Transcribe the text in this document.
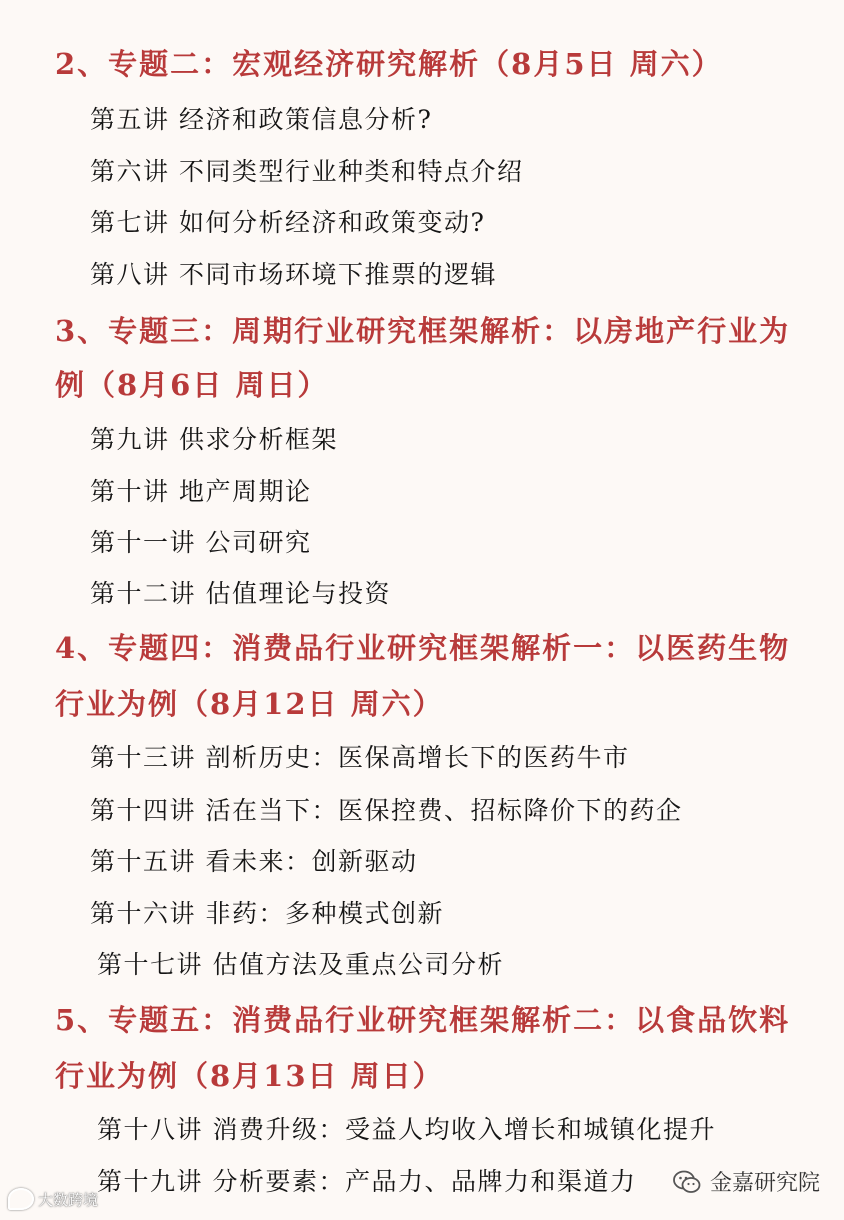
2、专题二：宏观经济研究解析（8月5日 周六）
第五讲 经济和政策信息分析?
第六讲 不同类型行业种类和特点介绍
第七讲 如何分析经济和政策变动?
第八讲 不同市场环境下推票的逻辑
3、专题三：周期行业研究框架解析：以房地产行业为
例（8月6日 周日）
第九讲 供求分析框架
第十讲 地产周期论
第十一讲 公司研究
第十二讲 估值理论与投资
4、专题四：消费品行业研究框架解析一：以医药生物
行业为例（8月12日 周六）
第十三讲 剖析历史：医保高增长下的医药牛市
第十四讲 活在当下：医保控费、招标降价下的药企
第十五讲 看未来：创新驱动
第十六讲 非药：多种模式创新
第十七讲 估值方法及重点公司分析
5、专题五：消费品行业研究框架解析二：以食品饮料
行业为例（8月13日 周日）
第十八讲 消费升级：受益人均收入增长和城镇化提升
第十九讲 分析要素：产品力、品牌力和渠道力
大数跨境
金嘉研究院
